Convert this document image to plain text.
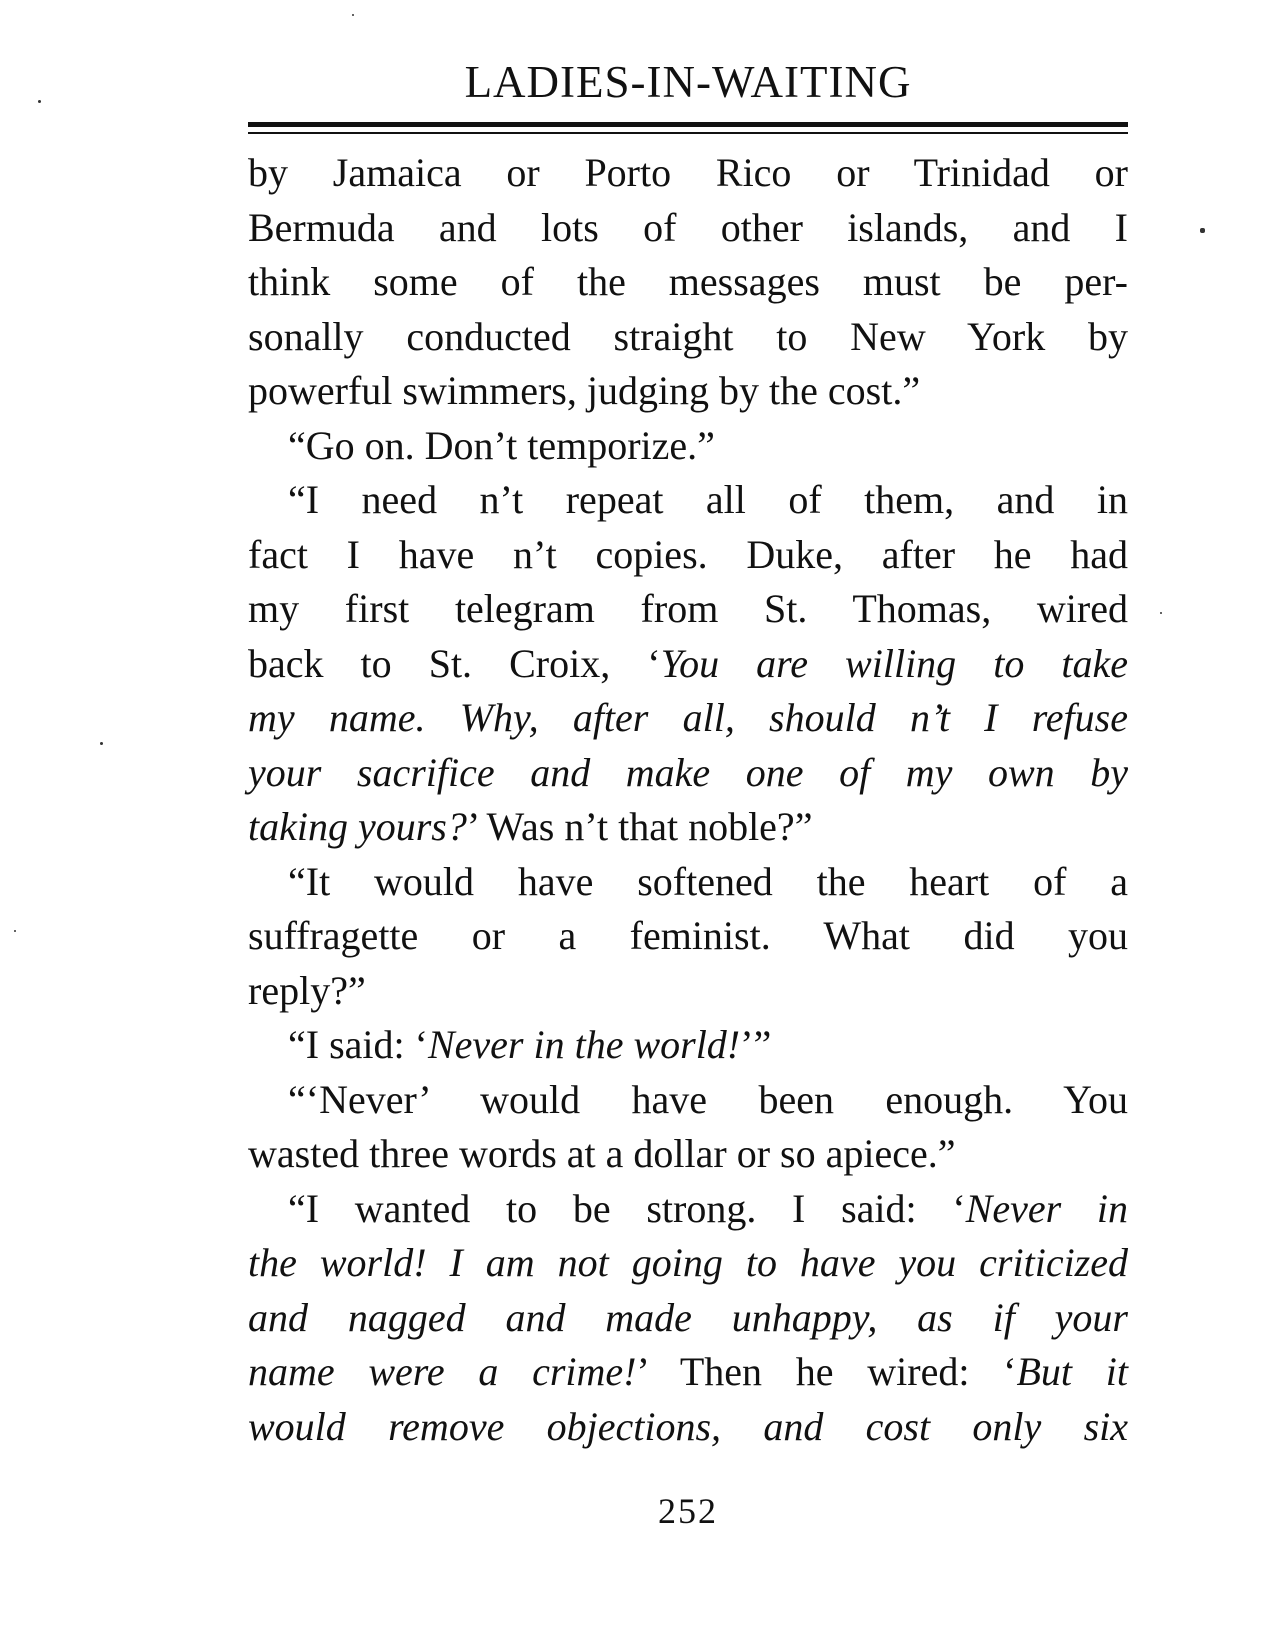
LADIES-IN-WAITING
by Jamaica or Porto Rico or Trinidad or
Bermuda and lots of other islands, and I
think some of the messages must be per-
sonally conducted straight to New York by
powerful swimmers, judging by the cost.”
“Go on. Don’t temporize.”
“I need n’t repeat all of them, and in
fact I have n’t copies. Duke, after he had
my first telegram from St. Thomas, wired
back to St. Croix, ‘You are willing to take
my name. Why, after all, should n’t I refuse
your sacrifice and make one of my own by
taking yours?’ Was n’t that noble?”
“It would have softened the heart of a
suffragette or a feminist. What did you
reply?”
“I said: ‘Never in the world!’”
“‘Never’ would have been enough. You
wasted three words at a dollar or so apiece.”
“I wanted to be strong. I said: ‘Never in
the world! I am not going to have you criticized
and nagged and made unhappy, as if your
name were a crime!’ Then he wired: ‘But it
would remove objections, and cost only six
252
